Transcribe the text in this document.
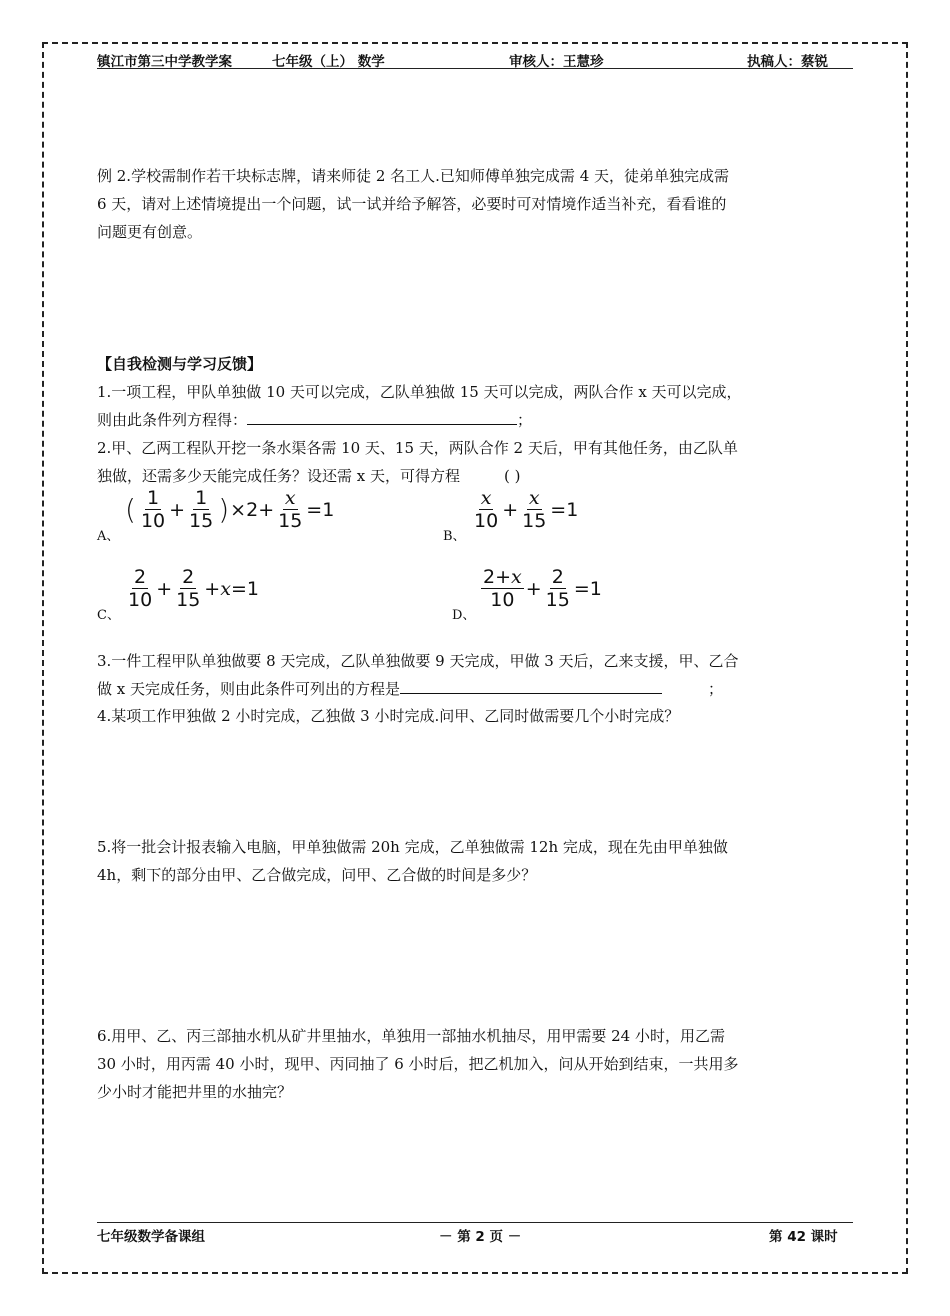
镇江市第三中学教学案	七年级（上） 数学	审核人：王慧珍	执稿人：蔡锐
例 2.学校需制作若干块标志牌，请来师徒 2 名工人.已知师傅单独完成需 4 天，徒弟单独完成需
6 天，请对上述情境提出一个问题，试一试并给予解答，必要时可对情境作适当补充，看看谁的
问题更有创意。
【自我检测与学习反馈】
1.一项工程，甲队单独做 10 天可以完成，乙队单独做 15 天可以完成，两队合作 x 天可以完成，
则由此条件列方程得：	；
2.甲、乙两工程队开挖一条水渠各需 10 天、15 天，两队合作 2 天后，甲有其他任务，由乙队单
独做，还需多少天能完成任务？设还需 x 天，可得方程	( )
A、
( $\frac{1}{10} + \frac{1}{15}$ ) × $2 + \frac{x}{15} = 1$
B、
$\frac{x}{10} + \frac{x}{15} = 1$
C、
$\frac{2}{10} + \frac{2}{15} + x = 1$
D、
$\frac{2+x}{10} + \frac{2}{15} = 1$
3.一件工程甲队单独做要 8 天完成，乙队单独做要 9 天完成，甲做 3 天后，乙来支援，甲、乙合
做 x 天完成任务，则由此条件可列出的方程是	；
4.某项工作甲独做 2 小时完成，乙独做 3 小时完成.问甲、乙同时做需要几个小时完成？
5.将一批会计报表输入电脑，甲单独做需 20h 完成，乙单独做需 12h 完成，现在先由甲单独做
4h，剩下的部分由甲、乙合做完成，问甲、乙合做的时间是多少？
6.用甲、乙、丙三部抽水机从矿井里抽水，单独用一部抽水机抽尽，用甲需要 24 小时，用乙需
30 小时，用丙需 40 小时，现甲、丙同抽了 6 小时后，把乙机加入，问从开始到结束，一共用多
少小时才能把井里的水抽完？
七年级数学备课组	－ 第 2 页 －	第 42 课时
